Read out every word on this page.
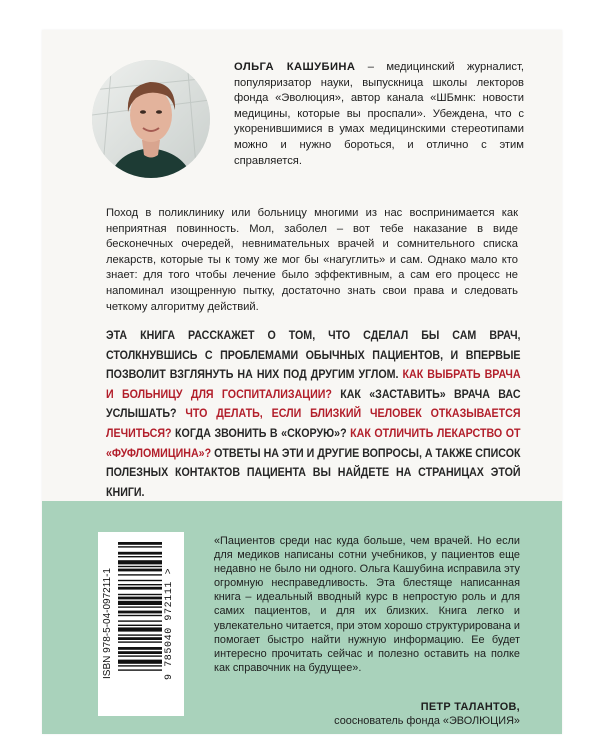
ОЛЬГА КАШУБИНА – медицинский журналист, популяризатор науки, выпускница школы лекторов фонда «Эволюция», автор канала «ШБмнк: новости медицины, которые вы проспали». Убеждена, что с укоренившимися в умах медицинскими стереотипами можно и нужно бороться, и отлично с этим справляется.
Поход в поликлинику или больницу многими из нас воспринимается как неприятная повинность. Мол, заболел – вот тебе наказание в виде бесконечных очередей, невнимательных врачей и сомнительного списка лекарств, которые ты к тому же мог бы «нагуглить» и сам. Однако мало кто знает: для того чтобы лечение было эффективным, а сам его процесс не напоминал изощренную пытку, достаточно знать свои права и следовать четкому алгоритму действий.
ЭТА КНИГА РАССКАЖЕТ О ТОМ, ЧТО СДЕЛАЛ БЫ САМ ВРАЧ, СТОЛКНУВШИСЬ С ПРОБЛЕМАМИ ОБЫЧНЫХ ПАЦИЕНТОВ, И ВПЕРВЫЕ ПОЗВОЛИТ ВЗГЛЯНУТЬ НА НИХ ПОД ДРУГИМ УГЛОМ. КАК ВЫБРАТЬ ВРАЧА И БОЛЬНИЦУ ДЛЯ ГОСПИТАЛИЗАЦИИ? КАК «ЗАСТАВИТЬ» ВРАЧА ВАС УСЛЫШАТЬ? ЧТО ДЕЛАТЬ, ЕСЛИ БЛИЗКИЙ ЧЕЛОВЕК ОТКАЗЫВАЕТСЯ ЛЕЧИТЬСЯ? КОГДА ЗВОНИТЬ В «СКОРУЮ»? КАК ОТЛИЧИТЬ ЛЕКАРСТВО ОТ «ФУФЛОМИЦИНА»? ОТВЕТЫ НА ЭТИ И ДРУГИЕ ВОПРОСЫ, А ТАКЖЕ СПИСОК ПОЛЕЗНЫХ КОНТАКТОВ ПАЦИЕНТА ВЫ НАЙДЕТЕ НА СТРАНИЦАХ ЭТОЙ КНИГИ.
ISBN 978-5-04-097211-1	9 785040 972111 >
«Пациентов среди нас куда больше, чем врачей. Но если для медиков написаны сотни учебников, у пациентов еще недавно не было ни одного. Ольга Кашубина исправила эту огромную несправедливость. Эта блестяще написанная книга – идеальный вводный курс в непростую роль и для самих пациентов, и для их близких. Книга легко и увлекательно читается, при этом хорошо структурирована и помогает быстро найти нужную информацию. Ее будет интересно прочитать сейчас и полезно оставить на полке как справочник на будущее».
ПЕТР ТАЛАНТОВ,
сооснователь фонда «ЭВОЛЮЦИЯ»
